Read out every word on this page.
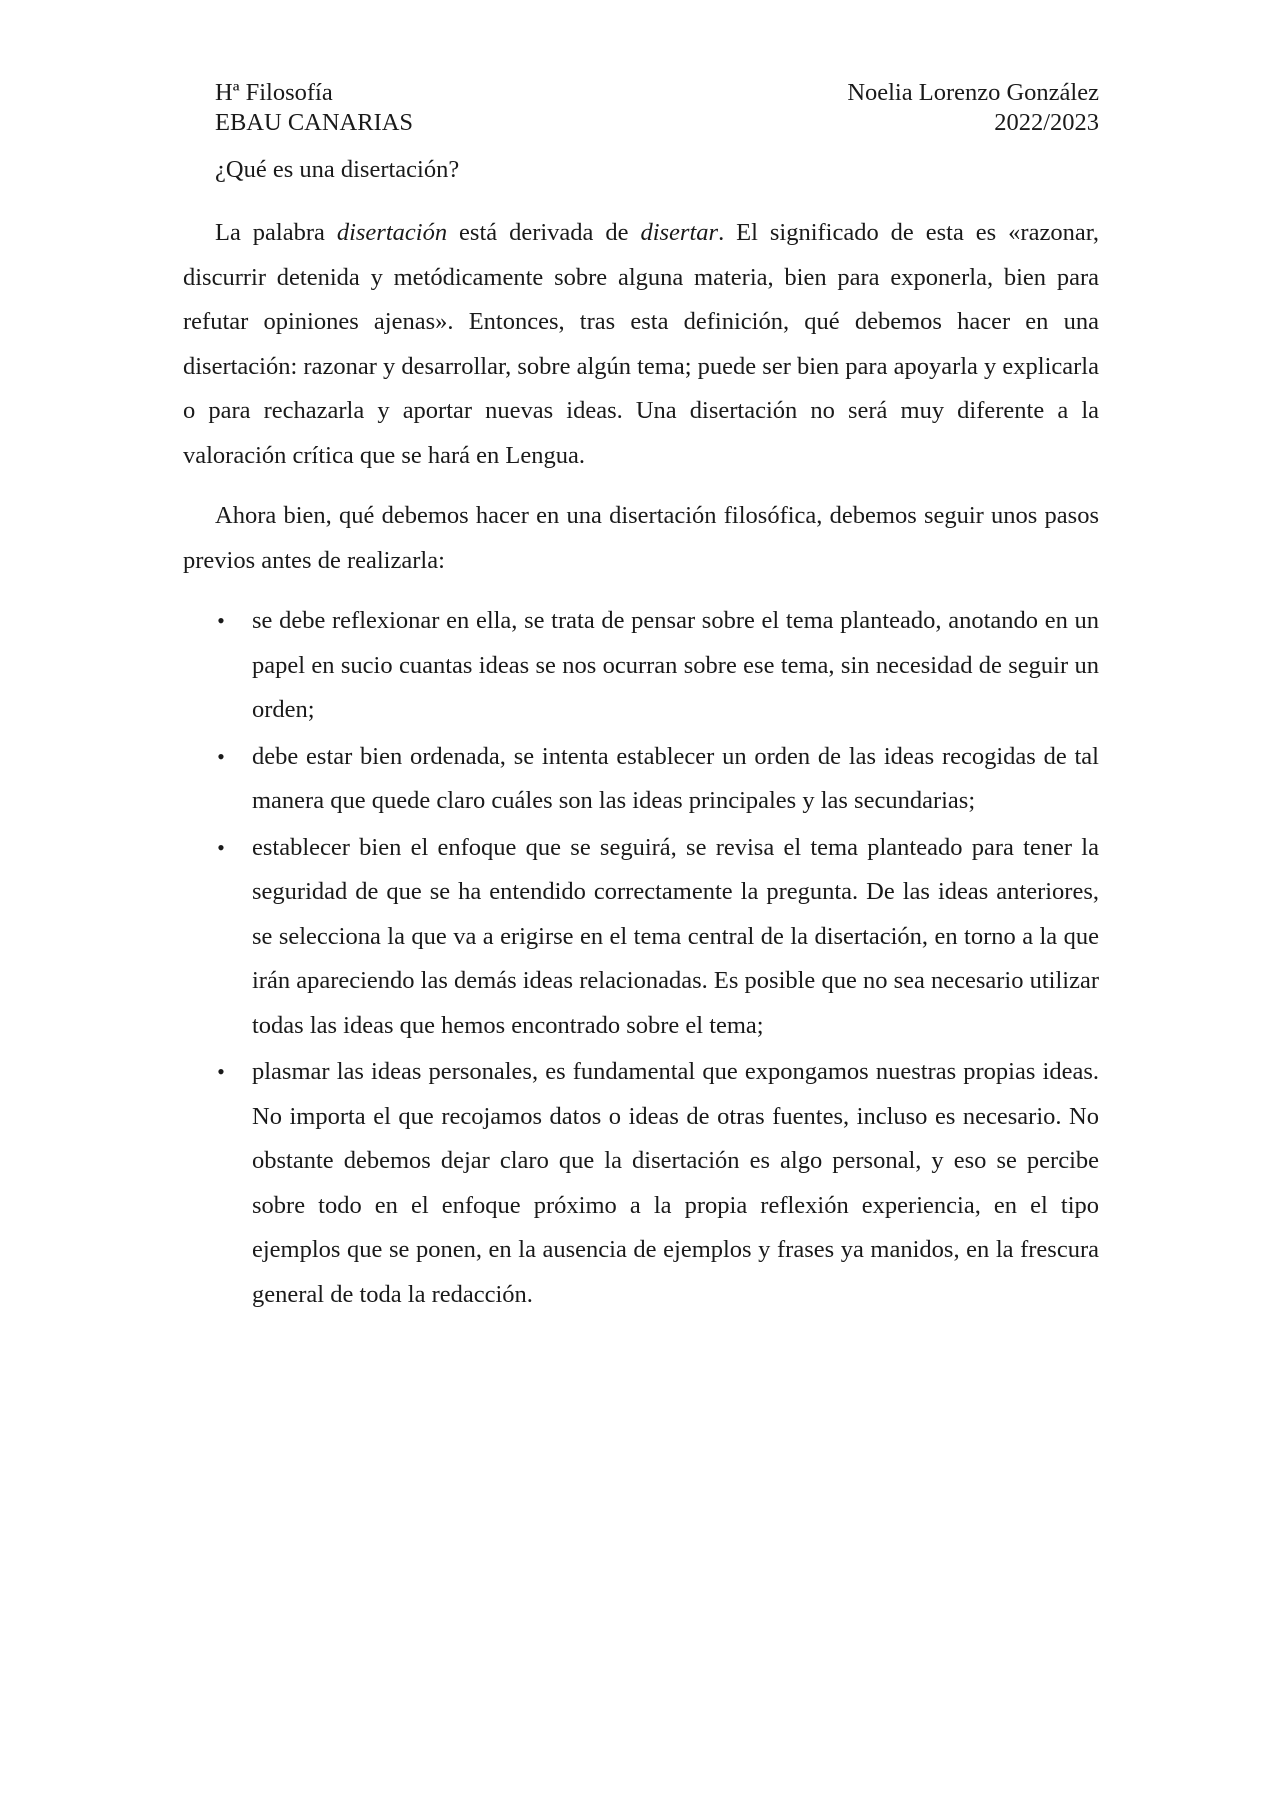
Hª Filosofía
EBAU CANARIAS
Noelia Lorenzo González
2022/2023
¿Qué es una disertación?

La palabra disertación está derivada de disertar. El significado de esta es «razonar, discurrir detenida y metódicamente sobre alguna materia, bien para exponerla, bien para refutar opiniones ajenas». Entonces, tras esta definición, qué debemos hacer en una disertación: razonar y desarrollar, sobre algún tema; puede ser bien para apoyarla y explicarla o para rechazarla y aportar nuevas ideas. Una disertación no será muy diferente a la valoración crítica que se hará en Lengua.

Ahora bien, qué debemos hacer en una disertación filosófica, debemos seguir unos pasos previos antes de realizarla:

• se debe reflexionar en ella, se trata de pensar sobre el tema planteado, anotando en un papel en sucio cuantas ideas se nos ocurran sobre ese tema, sin necesidad de seguir un orden;
• debe estar bien ordenada, se intenta establecer un orden de las ideas recogidas de tal manera que quede claro cuáles son las ideas principales y las secundarias;
• establecer bien el enfoque que se seguirá, se revisa el tema planteado para tener la seguridad de que se ha entendido correctamente la pregunta. De las ideas anteriores, se selecciona la que va a erigirse en el tema central de la disertación, en torno a la que irán apareciendo las demás ideas relacionadas. Es posible que no sea necesario utilizar todas las ideas que hemos encontrado sobre el tema;
• plasmar las ideas personales, es fundamental que expongamos nuestras propias ideas. No importa el que recojamos datos o ideas de otras fuentes, incluso es necesario. No obstante debemos dejar claro que la disertación es algo personal, y eso se percibe sobre todo en el enfoque próximo a la propia reflexión experiencia, en el tipo ejemplos que se ponen, en la ausencia de ejemplos y frases ya manidos, en la frescura general de toda la redacción.
